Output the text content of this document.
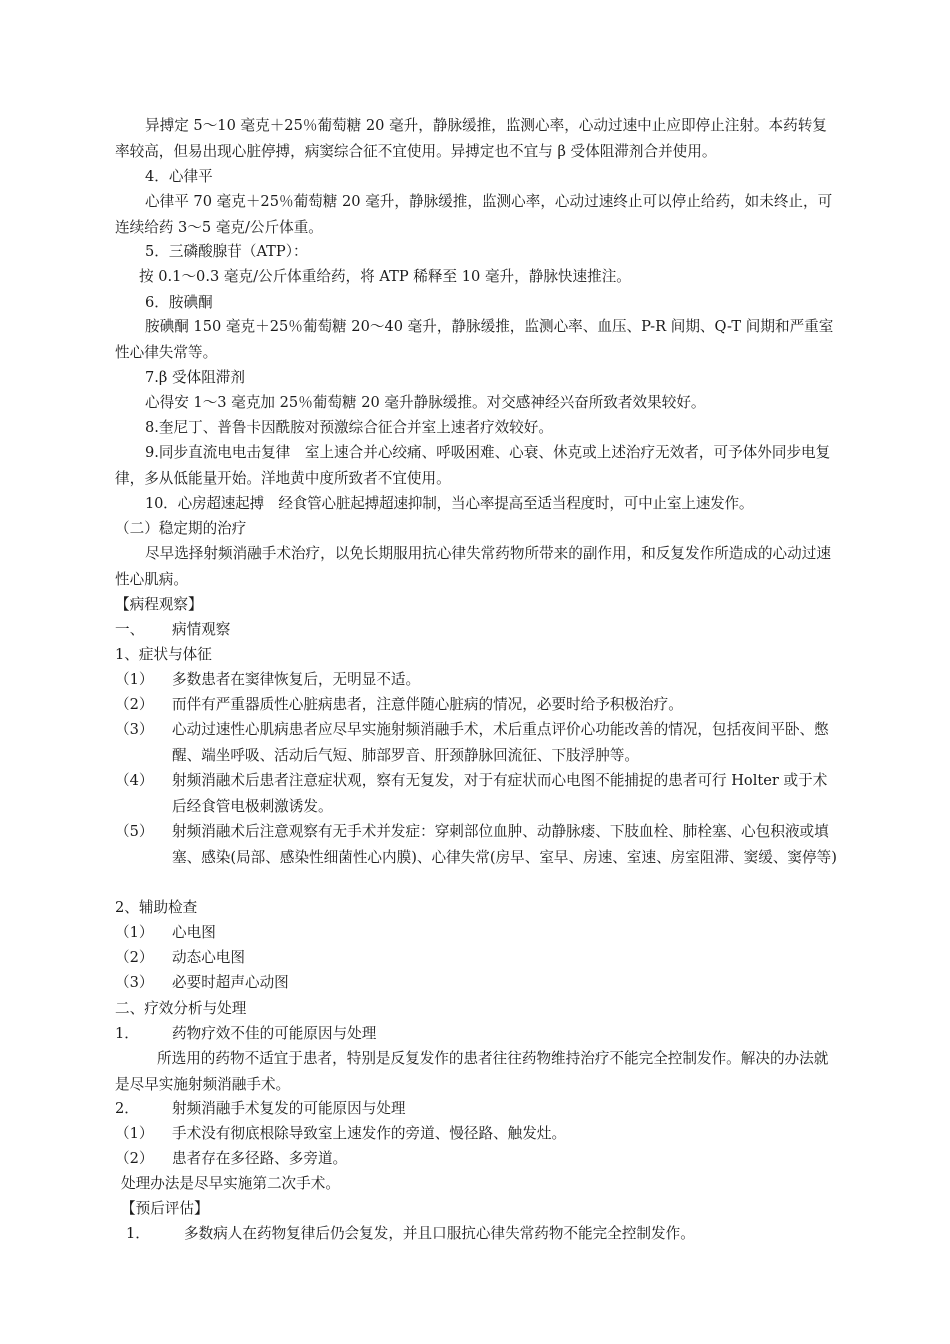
异搏定 5～10 毫克＋25％葡萄糖 20 毫升，静脉缓推，监测心率，心动过速中止应即停止注射。本药转复率较高，但易出现心脏停搏，病窦综合征不宜使用。异搏定也不宜与 β 受体阻滞剂合并使用。
4．心律平
心律平 70 毫克＋25％葡萄糖 20 毫升，静脉缓推，监测心率，心动过速终止可以停止给药，如未终止，可连续给药 3～5 毫克/公斤体重。
5．三磷酸腺苷（ATP）：
按 0.1～0.3 毫克/公斤体重给药，将 ATP 稀释至 10 毫升，静脉快速推注。
6．胺碘酮
胺碘酮 150 毫克＋25％葡萄糖 20～40 毫升，静脉缓推，监测心率、血压、P-R 间期、Q-T 间期和严重室性心律失常等。
7.β 受体阻滞剂
心得安 1～3 毫克加 25％葡萄糖 20 毫升静脉缓推。对交感神经兴奋所致者效果较好。
8.奎尼丁、普鲁卡因酰胺对预激综合征合并室上速者疗效较好。
9.同步直流电电击复律　室上速合并心绞痛、呼吸困难、心衰、休克或上述治疗无效者，可予体外同步电复律，多从低能量开始。洋地黄中度所致者不宜使用。
10．心房超速起搏　经食管心脏起搏超速抑制，当心率提高至适当程度时，可中止室上速发作。
（二）稳定期的治疗
尽早选择射频消融手术治疗，以免长期服用抗心律失常药物所带来的副作用，和反复发作所造成的心动过速性心肌病。
【病程观察】
一、 病情观察
1、症状与体征
（1）	多数患者在窦律恢复后，无明显不适。
（2）	而伴有严重器质性心脏病患者，注意伴随心脏病的情况，必要时给予积极治疗。
（3）	心动过速性心肌病患者应尽早实施射频消融手术，术后重点评价心功能改善的情况，包括夜间平卧、憋醒、端坐呼吸、活动后气短、肺部罗音、肝颈静脉回流征、下肢浮肿等。
（4）	射频消融术后患者注意症状观，察有无复发，对于有症状而心电图不能捕捉的患者可行 Holter 或于术后经食管电极刺激诱发。
（5）	射频消融术后注意观察有无手术并发症：穿刺部位血肿、动静脉瘘、下肢血栓、肺栓塞、心包积液或填塞、感染(局部、感染性细菌性心内膜)、心律失常(房早、室早、房速、室速、房室阻滞、窦缓、窦停等)
2、辅助检查
（1）	心电图
（2）	动态心电图
（3）	必要时超声心动图
二、疗效分析与处理
1． 药物疗效不佳的可能原因与处理
所选用的药物不适宜于患者，特别是反复发作的患者往往药物维持治疗不能完全控制发作。解决的办法就是尽早实施射频消融手术。
2． 射频消融手术复发的可能原因与处理
（1）	手术没有彻底根除导致室上速发作的旁道、慢径路、触发灶。
（2）	患者存在多径路、多旁道。
处理办法是尽早实施第二次手术。
【预后评估】
1． 多数病人在药物复律后仍会复发，并且口服抗心律失常药物不能完全控制发作。
